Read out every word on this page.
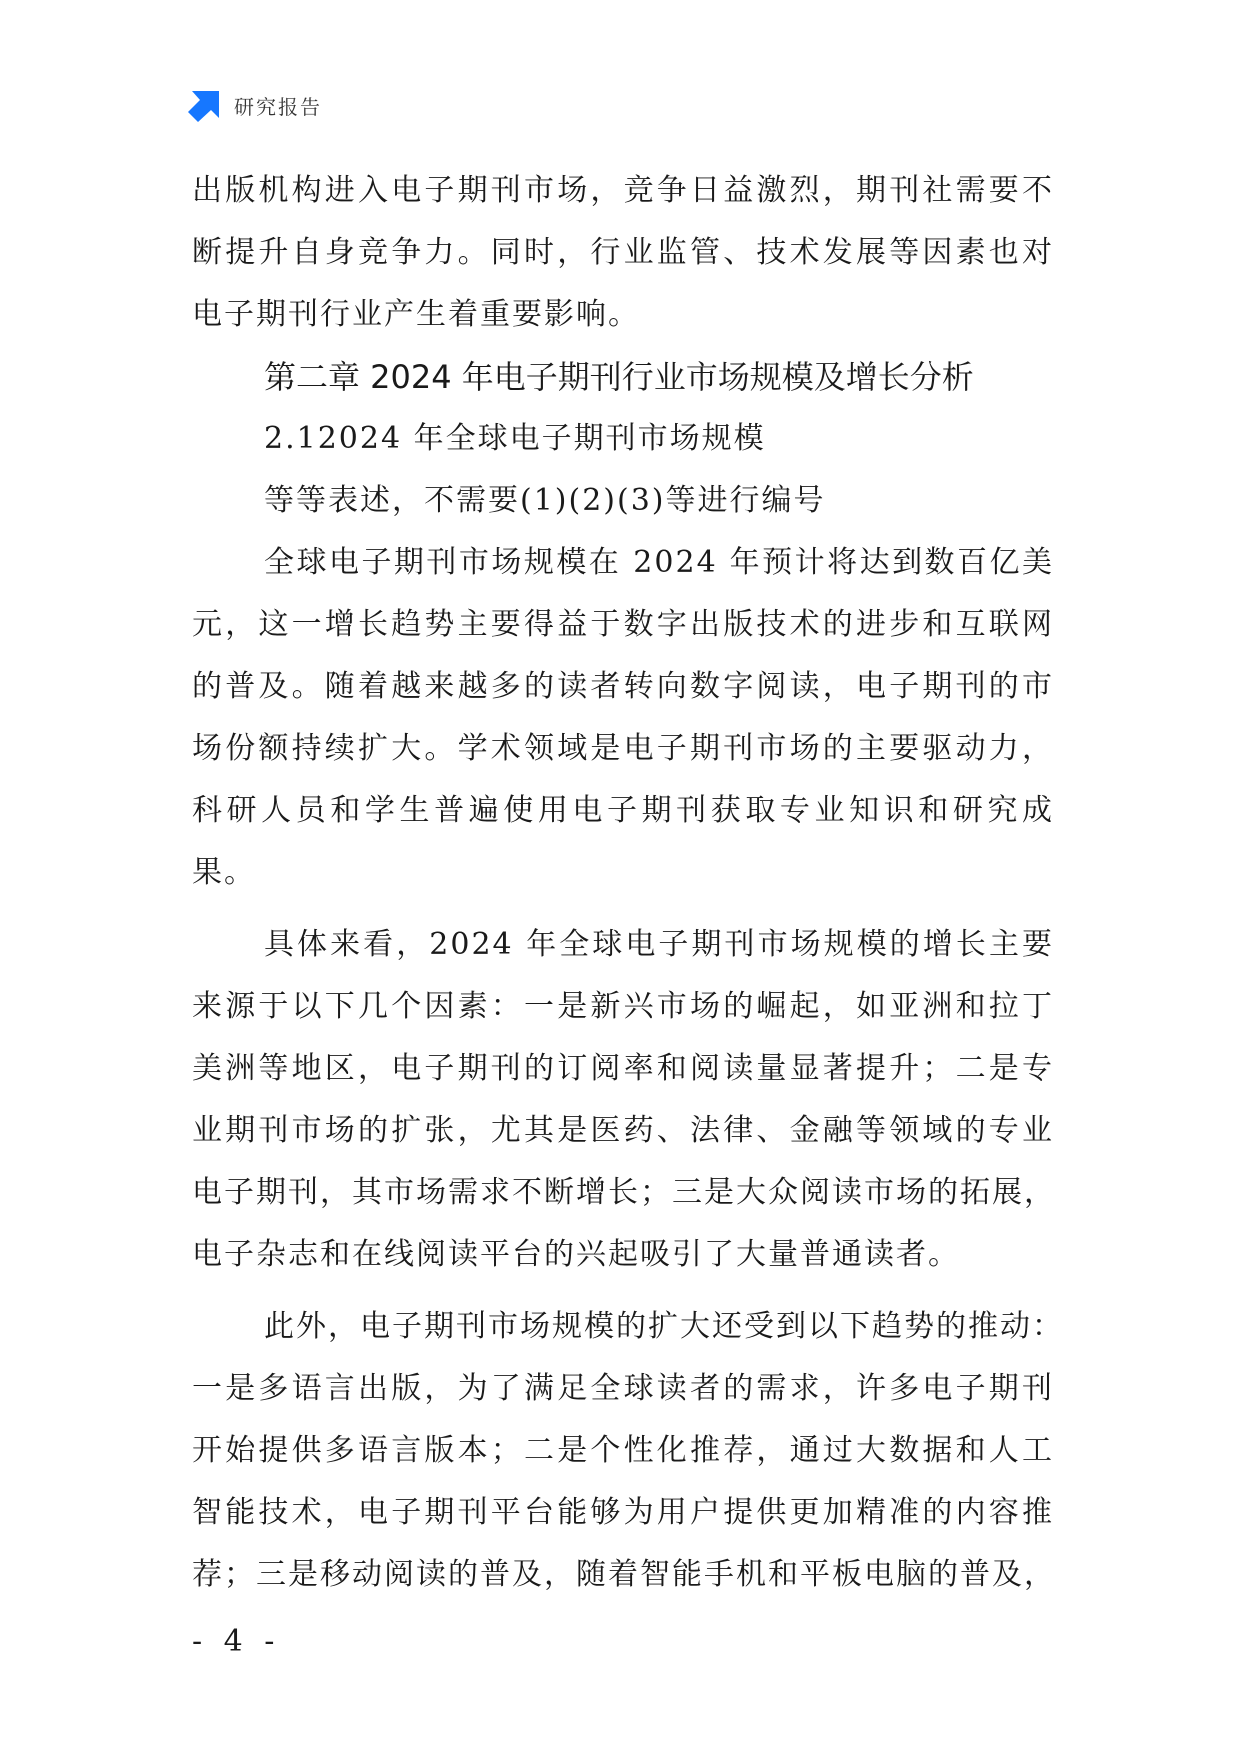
研究报告
出版机构进入电子期刊市场，竞争日益激烈，期刊社需要不
断提升自身竞争力。同时，行业监管、技术发展等因素也对
电子期刊行业产生着重要影响。
第二章 2024 年电子期刊行业市场规模及增长分析
2.12024 年全球电子期刊市场规模
等等表述，不需要(1)(2)(3)等进行编号
全球电子期刊市场规模在 2024 年预计将达到数百亿美
元，这一增长趋势主要得益于数字出版技术的进步和互联网
的普及。随着越来越多的读者转向数字阅读，电子期刊的市
场份额持续扩大。学术领域是电子期刊市场的主要驱动力，
科研人员和学生普遍使用电子期刊获取专业知识和研究成
果。
具体来看，2024 年全球电子期刊市场规模的增长主要
来源于以下几个因素：一是新兴市场的崛起，如亚洲和拉丁
美洲等地区，电子期刊的订阅率和阅读量显著提升；二是专
业期刊市场的扩张，尤其是医药、法律、金融等领域的专业
电子期刊，其市场需求不断增长；三是大众阅读市场的拓展，
电子杂志和在线阅读平台的兴起吸引了大量普通读者。
此外，电子期刊市场规模的扩大还受到以下趋势的推动：
一是多语言出版，为了满足全球读者的需求，许多电子期刊
开始提供多语言版本；二是个性化推荐，通过大数据和人工
智能技术，电子期刊平台能够为用户提供更加精准的内容推
荐；三是移动阅读的普及，随着智能手机和平板电脑的普及，
- 4 -
